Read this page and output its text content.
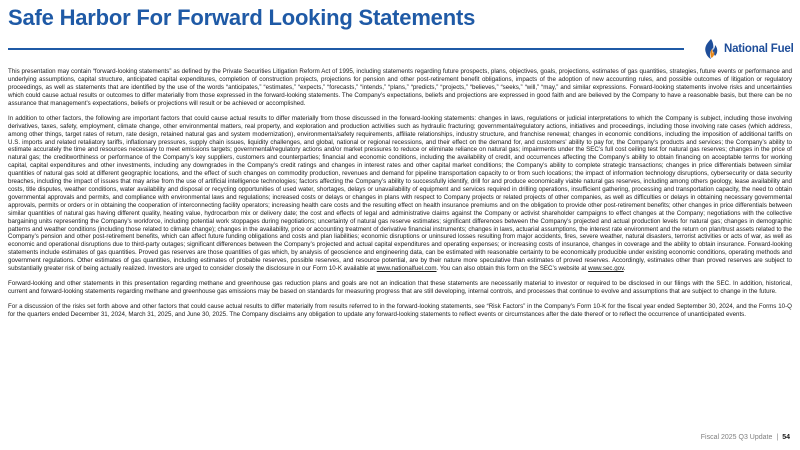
Safe Harbor For Forward Looking Statements
National Fuel

This presentation may contain “forward-looking statements” as defined by the Private Securities Litigation Reform Act of 1995, including statements regarding future prospects, plans, objectives, goals, projections, estimates of gas quantities, strategies, future events or performance and underlying assumptions, capital structure, anticipated capital expenditures, completion of construction projects, projections for pension and other post-retirement benefit obligations, impacts of the adoption of new accounting rules, and possible outcomes of litigation or regulatory proceedings, as well as statements that are identified by the use of the words “anticipates,” “estimates,” “expects,” “forecasts,” “intends,” “plans,” “predicts,” “projects,” “believes,” “seeks,” “will,” “may,” and similar expressions. Forward-looking statements involve risks and uncertainties which could cause actual results or outcomes to differ materially from those expressed in the forward-looking statements. The Company’s expectations, beliefs and projections are expressed in good faith and are believed by the Company to have a reasonable basis, but there can be no assurance that management’s expectations, beliefs or projections will result or be achieved or accomplished.

In addition to other factors, the following are important factors that could cause actual results to differ materially from those discussed in the forward-looking statements: changes in laws, regulations or judicial interpretations to which the Company is subject, including those involving derivatives, taxes, safety, employment, climate change, other environmental matters, real property, and exploration and production activities such as hydraulic fracturing; governmental/regulatory actions, initiatives and proceedings, including those involving rate cases (which address, among other things, target rates of return, rate design, retained natural gas and system modernization), environmental/safety requirements, affiliate relationships, industry structure, and franchise renewal; changes in economic conditions, including the imposition of additional tariffs on U.S. imports and related retaliatory tariffs, inflationary pressures, supply chain issues, liquidity challenges, and global, national or regional recessions, and their effect on the demand for, and customers’ ability to pay for, the Company’s products and services; the Company’s ability to estimate accurately the time and resources necessary to meet emissions targets; governmental/regulatory actions and/or market pressures to reduce or eliminate reliance on natural gas; impairments under the SEC’s full cost ceiling test for natural gas reserves; changes in the price of natural gas; the creditworthiness or performance of the Company’s key suppliers, customers and counterparties; financial and economic conditions, including the availability of credit, and occurrences affecting the Company’s ability to obtain financing on acceptable terms for working capital, capital expenditures and other investments, including any downgrades in the Company’s credit ratings and changes in interest rates and other capital market conditions; the Company’s ability to complete strategic transactions; changes in price differentials between similar quantities of natural gas sold at different geographic locations, and the effect of such changes on commodity production, revenues and demand for pipeline transportation capacity to or from such locations; the impact of information technology disruptions, cybersecurity or data security breaches, including the impact of issues that may arise from the use of artificial intelligence technologies; factors affecting the Company’s ability to successfully identify, drill for and produce economically viable natural gas reserves, including among others geology, lease availability and costs, title disputes, weather conditions, water availability and disposal or recycling opportunities of used water, shortages, delays or unavailability of equipment and services required in drilling operations, insufficient gathering, processing and transportation capacity, the need to obtain governmental approvals and permits, and compliance with environmental laws and regulations; increased costs or delays or changes in plans with respect to Company projects or related projects of other companies, as well as difficulties or delays in obtaining necessary governmental approvals, permits or orders or in obtaining the cooperation of interconnecting facility operators; increasing health care costs and the resulting effect on health insurance premiums and on the obligation to provide other post-retirement benefits; other changes in price differentials between similar quantities of natural gas having different quality, heating value, hydrocarbon mix or delivery date; the cost and effects of legal and administrative claims against the Company or activist shareholder campaigns to effect changes at the Company; negotiations with the collective bargaining units representing the Company’s workforce, including potential work stoppages during negotiations; uncertainty of natural gas reserve estimates; significant differences between the Company’s projected and actual production levels for natural gas; changes in demographic patterns and weather conditions (including those related to climate change); changes in the availability, price or accounting treatment of derivative financial instruments; changes in laws, actuarial assumptions, the interest rate environment and the return on plan/trust assets related to the Company’s pension and other post-retirement benefits, which can affect future funding obligations and costs and plan liabilities; economic disruptions or uninsured losses resulting from major accidents, fires, severe weather, natural disasters, terrorist activities or acts of war, as well as economic and operational disruptions due to third-party outages; significant differences between the Company’s projected and actual capital expenditures and operating expenses; or increasing costs of insurance, changes in coverage and the ability to obtain insurance. Forward-looking statements include estimates of gas quantities. Proved gas reserves are those quantities of gas which, by analysis of geoscience and engineering data, can be estimated with reasonable certainty to be economically producible under existing economic conditions, operating methods and government regulations. Other estimates of gas quantities, including estimates of probable reserves, possible reserves, and resource potential, are by their nature more speculative than estimates of proved reserves. Accordingly, estimates other than proved reserves are subject to substantially greater risk of being actually realized. Investors are urged to consider closely the disclosure in our Form 10-K available at www.nationalfuel.com. You can also obtain this form on the SEC’s website at www.sec.gov.

Forward-looking and other statements in this presentation regarding methane and greenhouse gas reduction plans and goals are not an indication that these statements are necessarily material to investor or required to be disclosed in our filings with the SEC. In addition, historical, current and forward-looking statements regarding methane and greenhouse gas emissions may be based on standards for measuring progress that are still developing, internal controls, and processes that continue to evolve and assumptions that are subject to change in the future.

For a discussion of the risks set forth above and other factors that could cause actual results to differ materially from results referred to in the forward-looking statements, see “Risk Factors” in the Company’s Form 10-K for the fiscal year ended September 30, 2024, and the Forms 10-Q for the quarters ended December 31, 2024, March 31, 2025, and June 30, 2025. The Company disclaims any obligation to update any forward-looking statements to reflect events or circumstances after the date thereof or to reflect the occurrence of unanticipated events.

Fiscal 2025 Q3 Update | 54
